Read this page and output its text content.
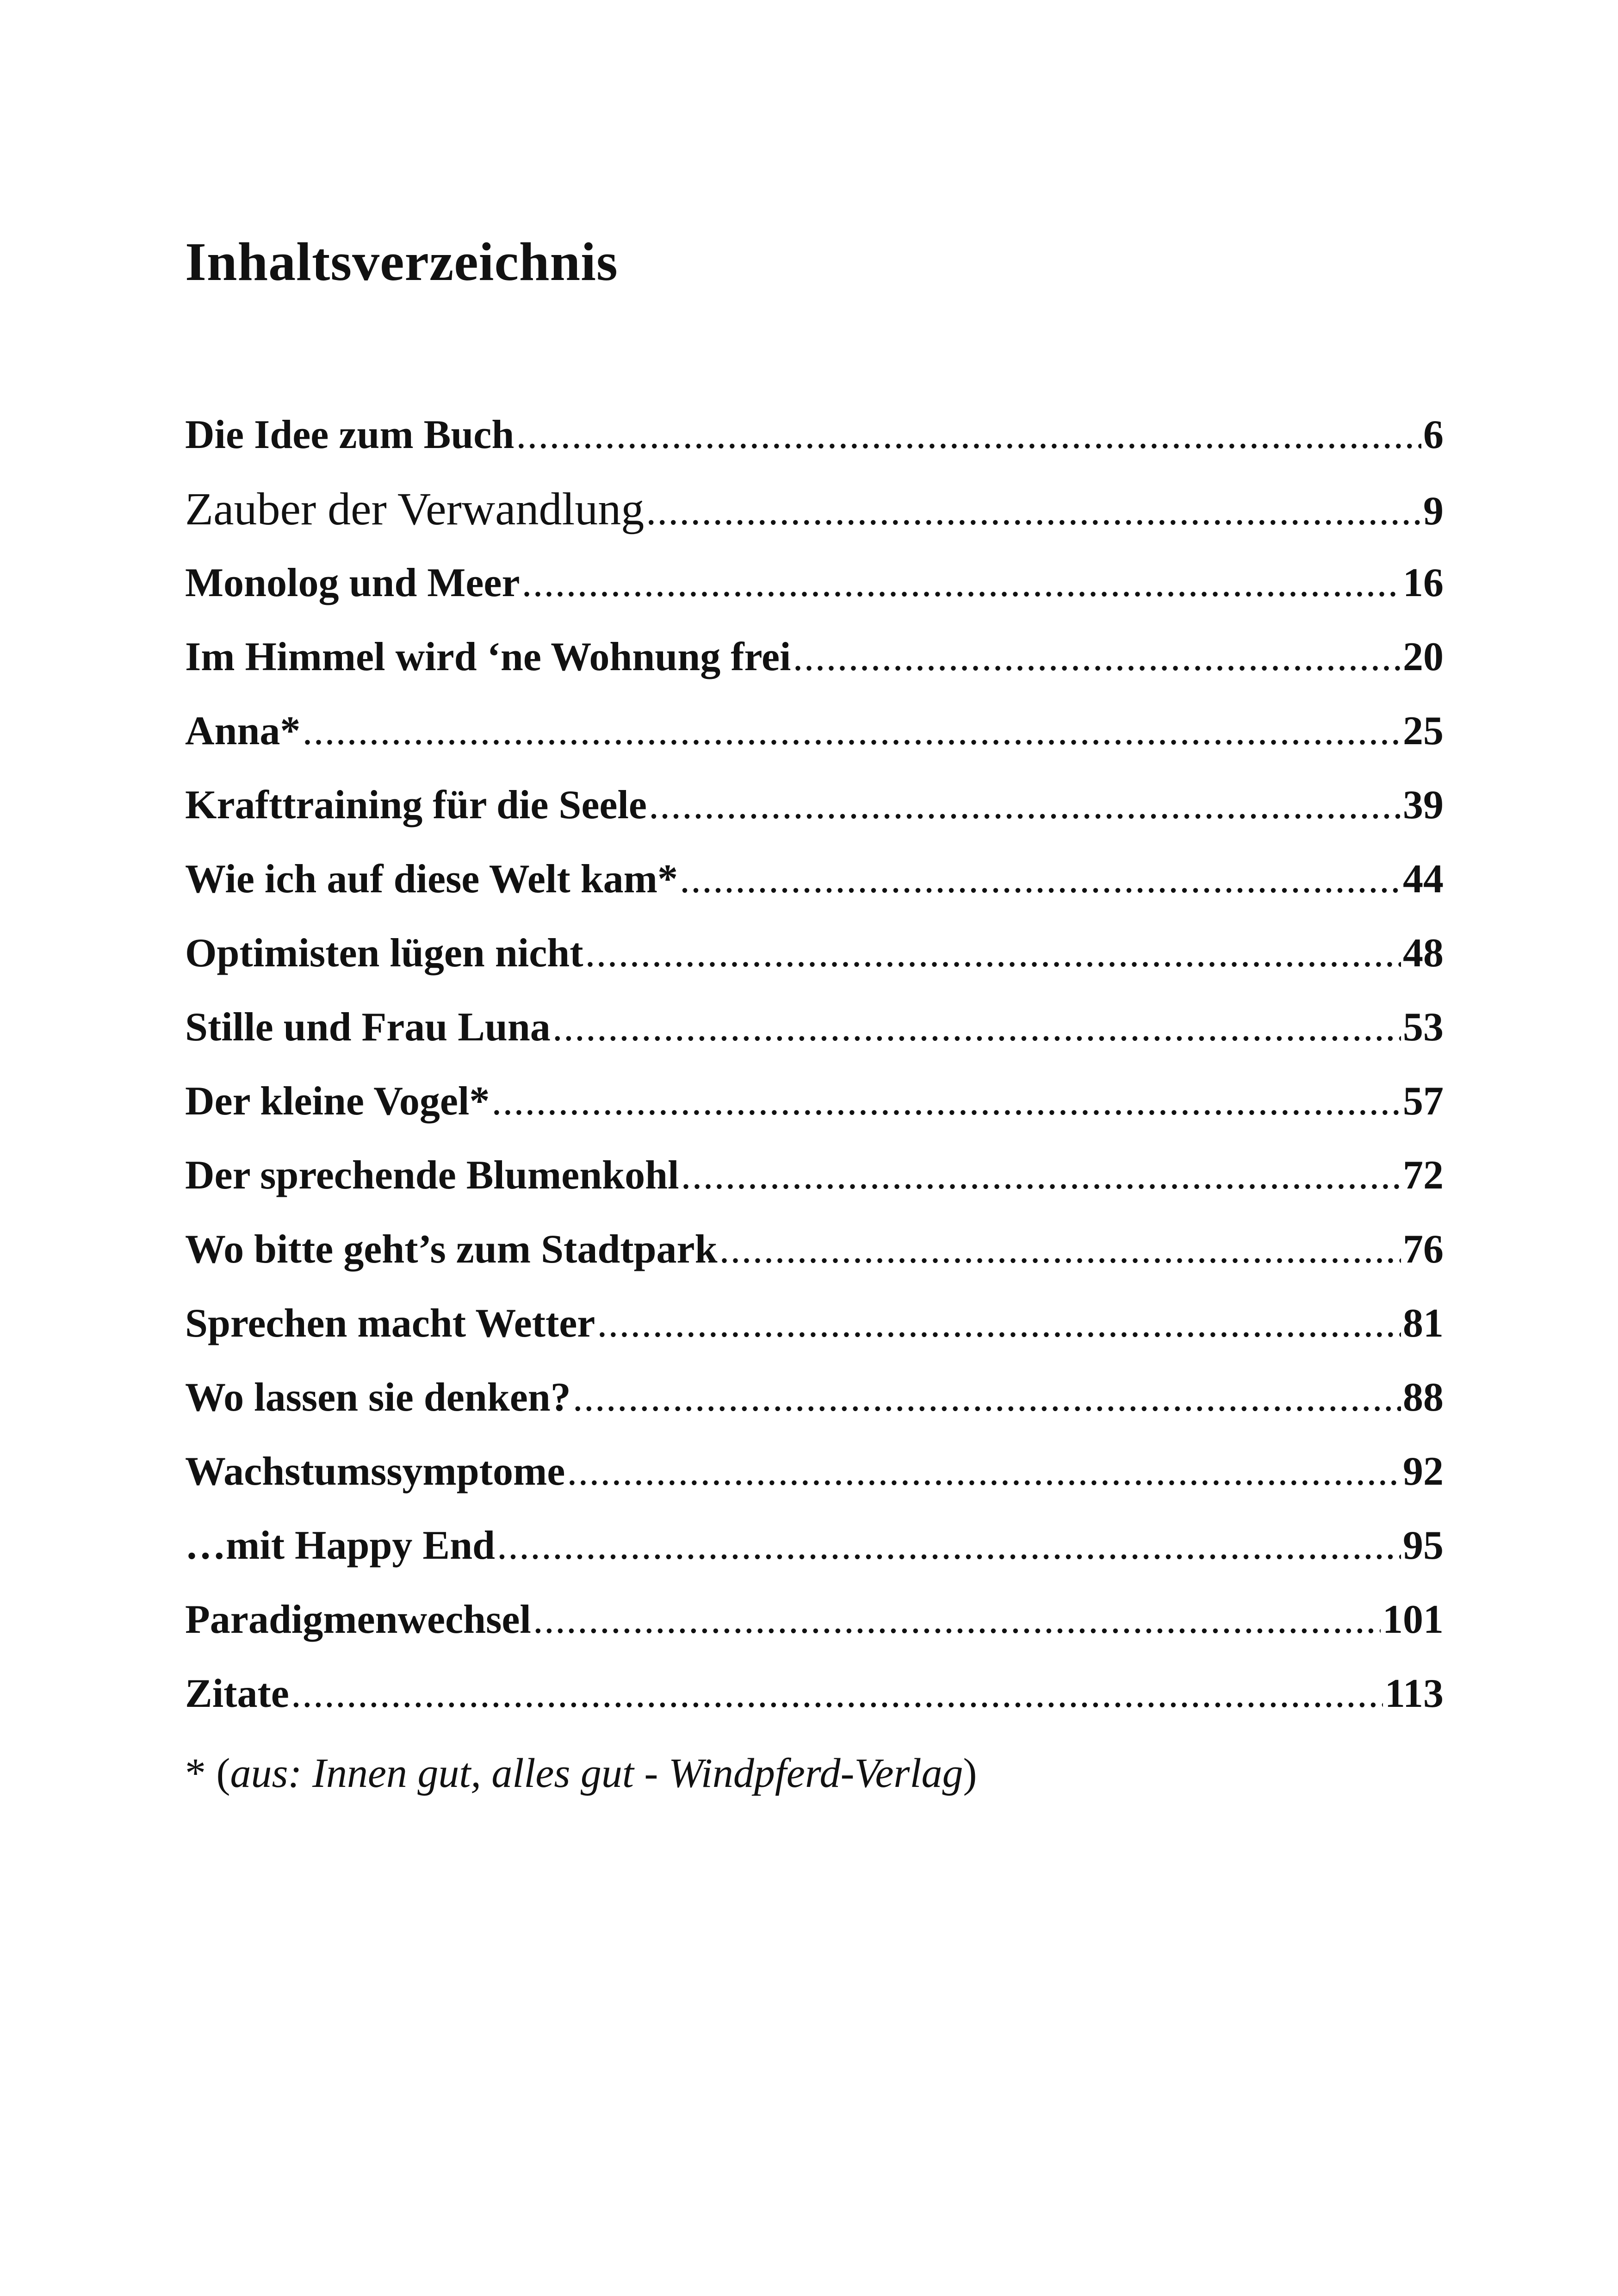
Inhaltsverzeichnis
Die Idee zum Buch .....	6
Zauber der Verwandlung .....	9
Monolog und Meer .....	16
Im Himmel wird ‘ne Wohnung frei .....	20
Anna* .....	25
Krafttraining für die Seele .....	39
Wie ich auf diese Welt kam* .....	44
Optimisten lügen nicht .....	48
Stille und Frau Luna .....	53
Der kleine Vogel* .....	57
Der sprechende Blumenkohl .....	72
Wo bitte geht’s zum Stadtpark .....	76
Sprechen macht Wetter .....	81
Wo lassen sie denken? .....	88
Wachstumssymptome .....	92
…mit Happy End .....	95
Paradigmenwechsel .....	101
Zitate .....	113

* (aus: Innen gut, alles gut - Windpferd-Verlag)
